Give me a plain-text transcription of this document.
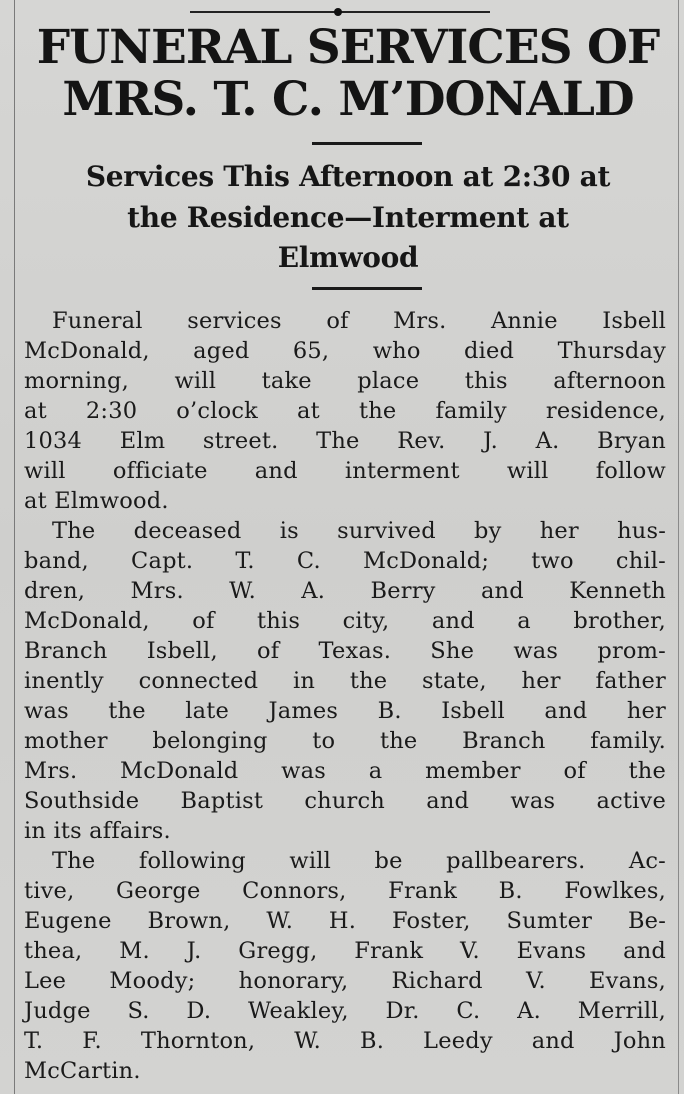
FUNERAL SERVICES OF
MRS. T. C. M’DONALD
Services This Afternoon at 2:30 at
the Residence—Interment at
Elmwood

Funeral services of Mrs. Annie Isbell

McDonald, aged 65, who died Thursday

morning, will take place this afternoon

at 2:30 o’clock at the family residence,

1034 Elm street. The Rev. J. A. Bryan

will officiate and interment will follow

at Elmwood.

The deceased is survived by her hus-

band, Capt. T. C. McDonald; two chil-

dren, Mrs. W. A. Berry and Kenneth

McDonald, of this city, and a brother,

Branch Isbell, of Texas. She was prom-

inently connected in the state, her father

was the late James B. Isbell and her

mother belonging to the Branch family.

Mrs. McDonald was a member of the

Southside Baptist church and was active

in its affairs.

The following will be pallbearers. Ac-

tive, George Connors, Frank B. Fowlkes,

Eugene Brown, W. H. Foster, Sumter Be-

thea, M. J. Gregg, Frank V. Evans and

Lee Moody; honorary, Richard V. Evans,

Judge S. D. Weakley, Dr. C. A. Merrill,

T. F. Thornton, W. B. Leedy and John

McCartin.
